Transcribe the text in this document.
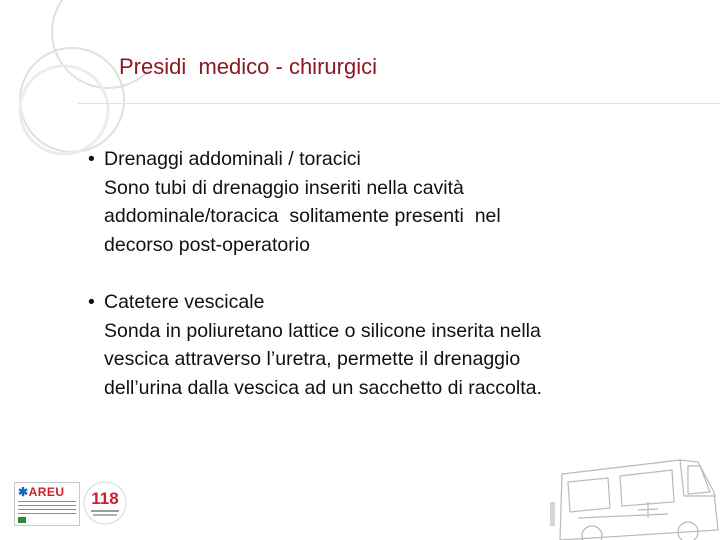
Presidi  medico - chirurgici
• Drenaggi addominali / toracici
Sono tubi di drenaggio inseriti nella cavità
addominale/toracica  solitamente presenti  nel
decorso post-operatorio
• Catetere vescicale
Sonda in poliuretano lattice o silicone inserita nella
vescica attraverso l’uretra, permette il drenaggio
dell’urina dalla vescica ad un sacchetto di raccolta.
✱AREU 118
